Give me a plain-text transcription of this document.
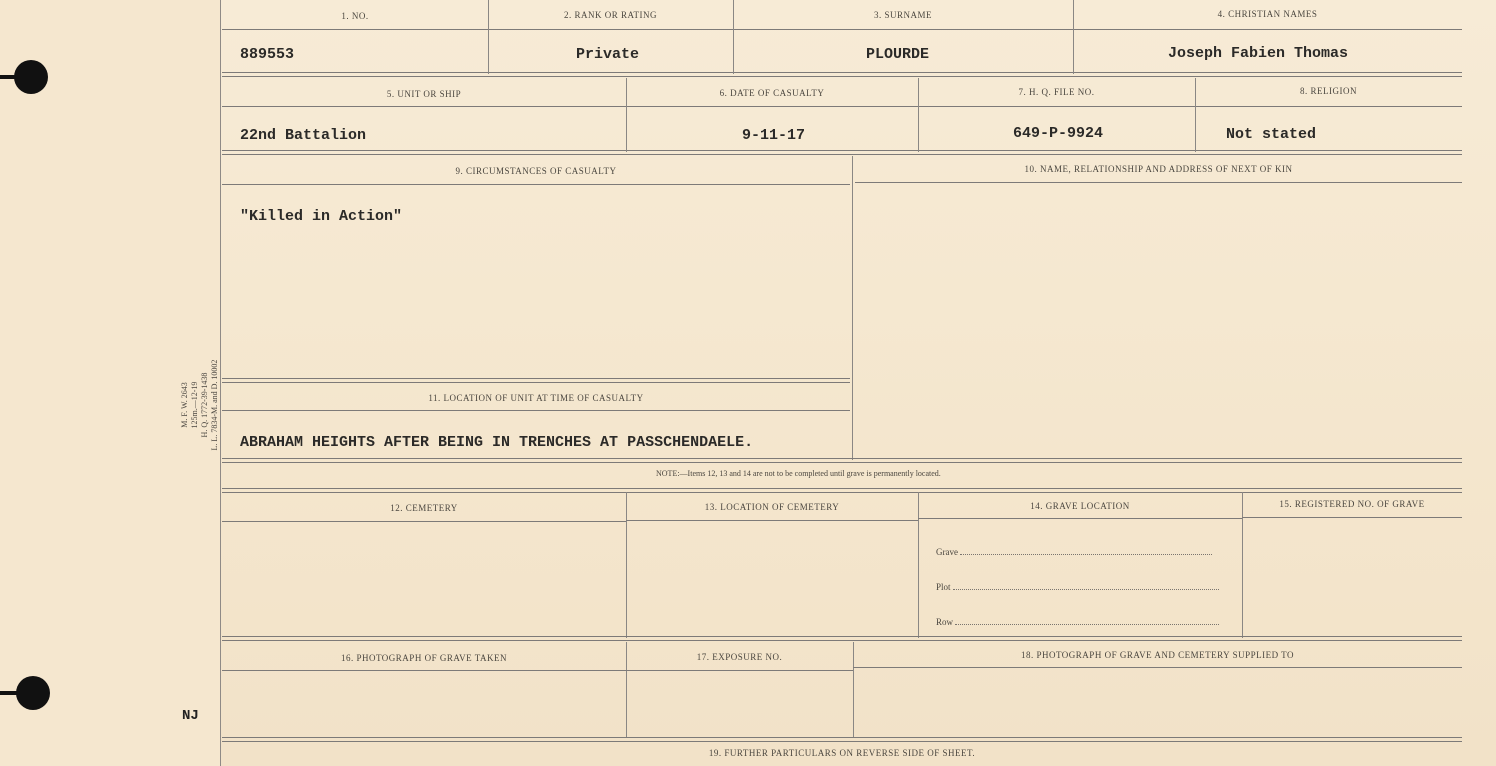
M. F. W. 2643 125m.—12-19 H. Q. 1772-39-1438 L. L. 7834-M. and D. 10002
NJ
1. NO.	2. RANK OR RATING	3. SURNAME	4. CHRISTIAN NAMES
889553	Private	PLOURDE	Joseph Fabien Thomas
5. UNIT OR SHIP	6. DATE OF CASUALTY	7. H. Q. FILE NO.	8. RELIGION
22nd Battalion	9-11-17	649-P-9924	Not stated
9. CIRCUMSTANCES OF CASUALTY	10. NAME, RELATIONSHIP AND ADDRESS OF NEXT OF KIN
"Killed in Action"
11. LOCATION OF UNIT AT TIME OF CASUALTY
ABRAHAM HEIGHTS AFTER BEING IN TRENCHES AT PASSCHENDAELE.
NOTE:—Items 12, 13 and 14 are not to be completed until grave is permanently located.
12. CEMETERY	13. LOCATION OF CEMETERY	14. GRAVE LOCATION	15. REGISTERED NO. OF GRAVE
Grave
Plot
Row
16. PHOTOGRAPH OF GRAVE TAKEN	17. EXPOSURE NO.	18. PHOTOGRAPH OF GRAVE AND CEMETERY SUPPLIED TO
19. FURTHER PARTICULARS ON REVERSE SIDE OF SHEET.
